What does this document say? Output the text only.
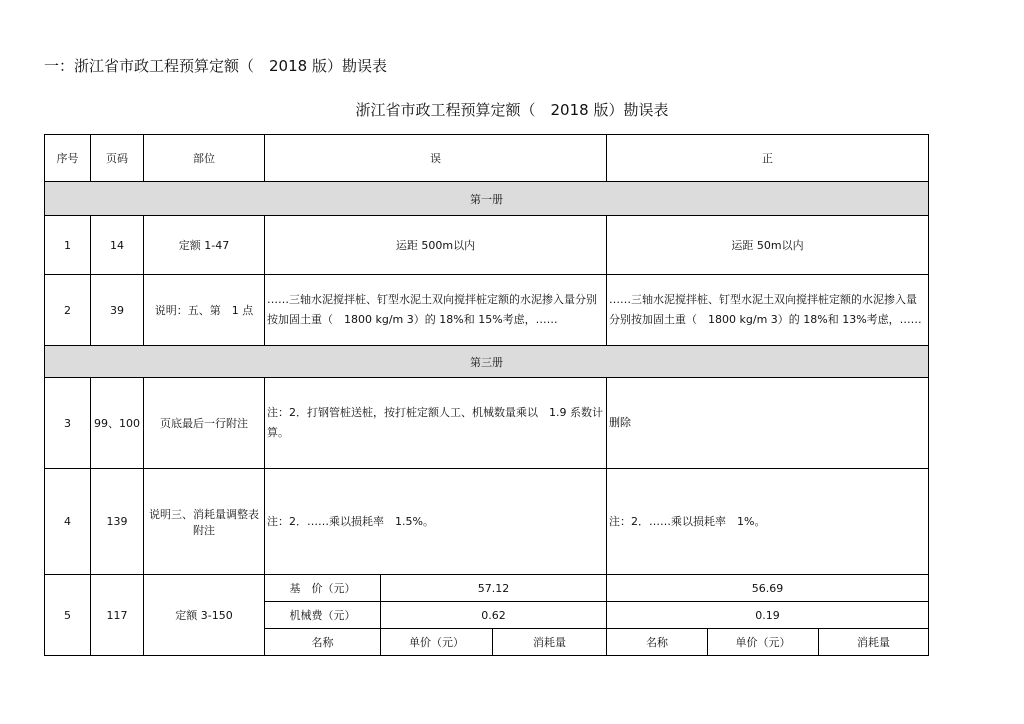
一：浙江省市政工程预算定额（　2018 版）勘误表
浙江省市政工程预算定额（　2018 版）勘误表
序号	页码	部位	误			正		
第一册								
1	14	定额 1-47	运距 500m以内			运距 50m以内		
2	39	说明：五、第　1 点	……三轴水泥搅拌桩、钉型水泥土双向搅拌桩定额的水泥掺入量分别按加固土重（　1800 kg/m 3）的 18%和 15%考虑，……			……三轴水泥搅拌桩、钉型水泥土双向搅拌桩定额的水泥掺入量分别按加固土重（　1800 kg/m 3）的 18%和 13%考虑，……		
第三册								
3	99、100	页底最后一行附注	注：2．打钢管桩送桩，按打桩定额人工、机械数量乘以　1.9 系数计算。			删除		
4	139	说明三、消耗量调整表附注	注：2．……乘以损耗率　1.5%。			注：2．……乘以损耗率　1%。		
5	117	定额 3-150	基　价（元）	57.12		56.69		
			机械费（元）	0.62		0.19		
			名称	单价（元）	消耗量	名称	单价（元）	消耗量
